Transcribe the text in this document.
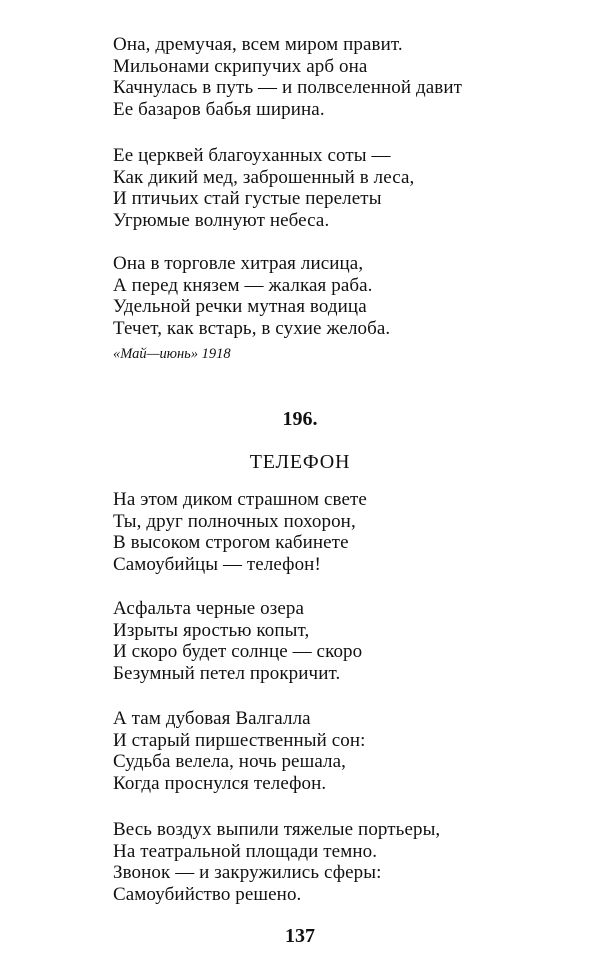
Она, дремучая, всем миром правит.
Мильонами скрипучих арб она
Качнулась в путь — и полвселенной давит
Ее базаров бабья ширина.
Ее церквей благоуханных соты —
Как дикий мед, заброшенный в леса,
И птичьих стай густые перелеты
Угрюмые волнуют небеса.
Она в торговле хитрая лисица,
А перед князем — жалкая раба.
Удельной речки мутная водица
Течет, как встарь, в сухие желоба.
«Май—июнь» 1918
196.
ТЕЛЕФОН
На этом диком страшном свете
Ты, друг полночных похорон,
В высоком строгом кабинете
Самоубийцы — телефон!
Асфальта черные озера
Изрыты яростью копыт,
И скоро будет солнце — скоро
Безумный петел прокричит.
А там дубовая Валгалла
И старый пиршественный сон:
Судьба велела, ночь решала,
Когда проснулся телефон.
Весь воздух выпили тяжелые портьеры,
На театральной площади темно.
Звонок — и закружились сферы:
Самоубийство решено.
137
